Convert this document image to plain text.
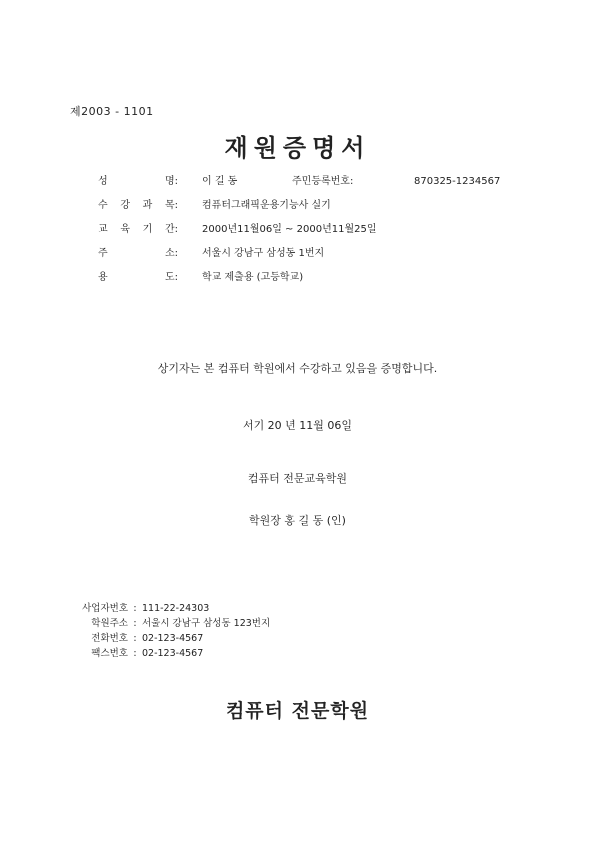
제2003 - 1101
재원증명서
성	명: 이 길 동	주민등록번호:	870325-1234567
수 강 과 목: 컴퓨터그래픽운용기능사 실기
교 육 기 간: 2000년11월06일 ~ 2000년11월25일
주	소: 서울시 강남구 삼성동 1번지
용	도: 학교 제출용 (고등학교)
상기자는 본 컴퓨터 학원에서 수강하고 있음을 증명합니다.
서기 20 년 11월 06일
컴퓨터 전문교육학원
학원장 홍 길 동 (인)
사업자번호 : 111-22-24303
학원주소 : 서울시 강남구 삼성동 123번지
전화번호 : 02-123-4567
팩스번호 : 02-123-4567
컴퓨터 전문학원
